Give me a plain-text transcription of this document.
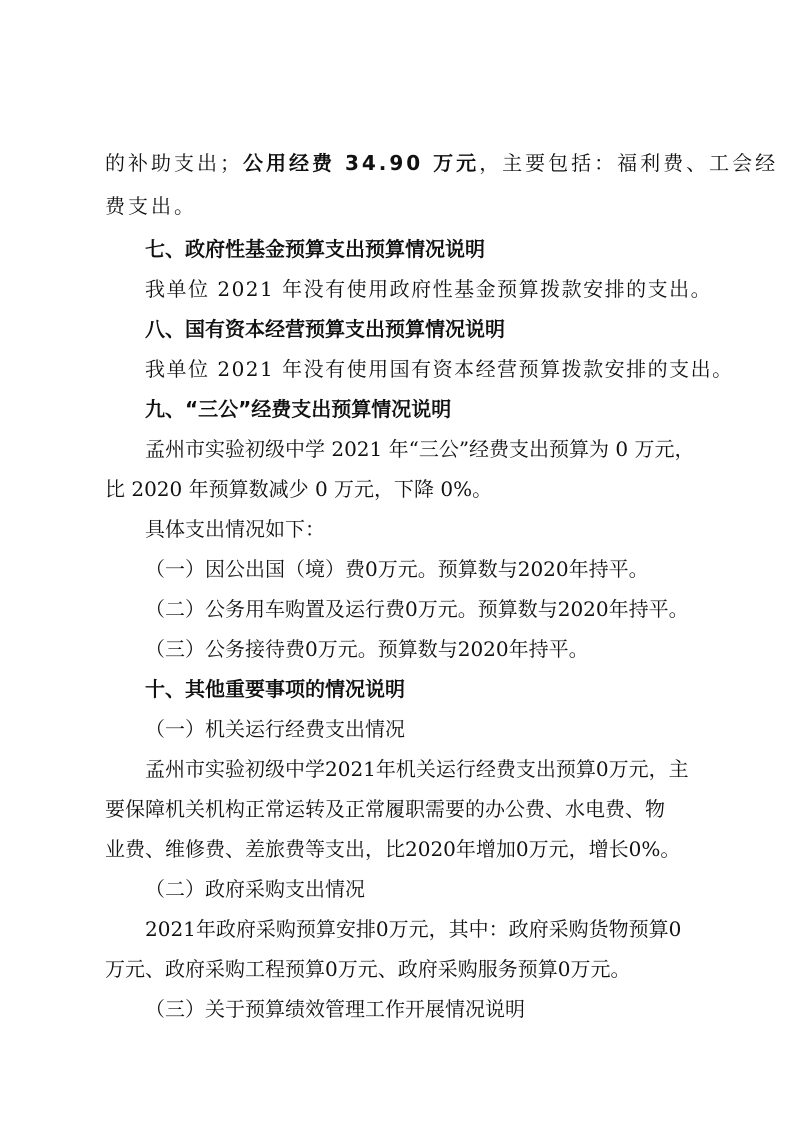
的补助支出；公用经费 34.90 万元，主要包括：福利费、工会经
费支出。
七、政府性基金预算支出预算情况说明
我单位 2021 年没有使用政府性基金预算拨款安排的支出。
八、国有资本经营预算支出预算情况说明
我单位 2021 年没有使用国有资本经营预算拨款安排的支出。
九、“三公”经费支出预算情况说明
孟州市实验初级中学 2021 年“三公”经费支出预算为 0 万元，
比 2020 年预算数减少 0 万元，下降 0%。
具体支出情况如下：
（一）因公出国（境）费0万元。预算数与2020年持平。
（二）公务用车购置及运行费0万元。预算数与2020年持平。
（三）公务接待费0万元。预算数与2020年持平。
十、其他重要事项的情况说明
（一）机关运行经费支出情况
孟州市实验初级中学2021年机关运行经费支出预算0万元，主
要保障机关机构正常运转及正常履职需要的办公费、水电费、物
业费、维修费、差旅费等支出，比2020年增加0万元，增长0%。
（二）政府采购支出情况
2021年政府采购预算安排0万元，其中：政府采购货物预算0
万元、政府采购工程预算0万元、政府采购服务预算0万元。
（三）关于预算绩效管理工作开展情况说明
